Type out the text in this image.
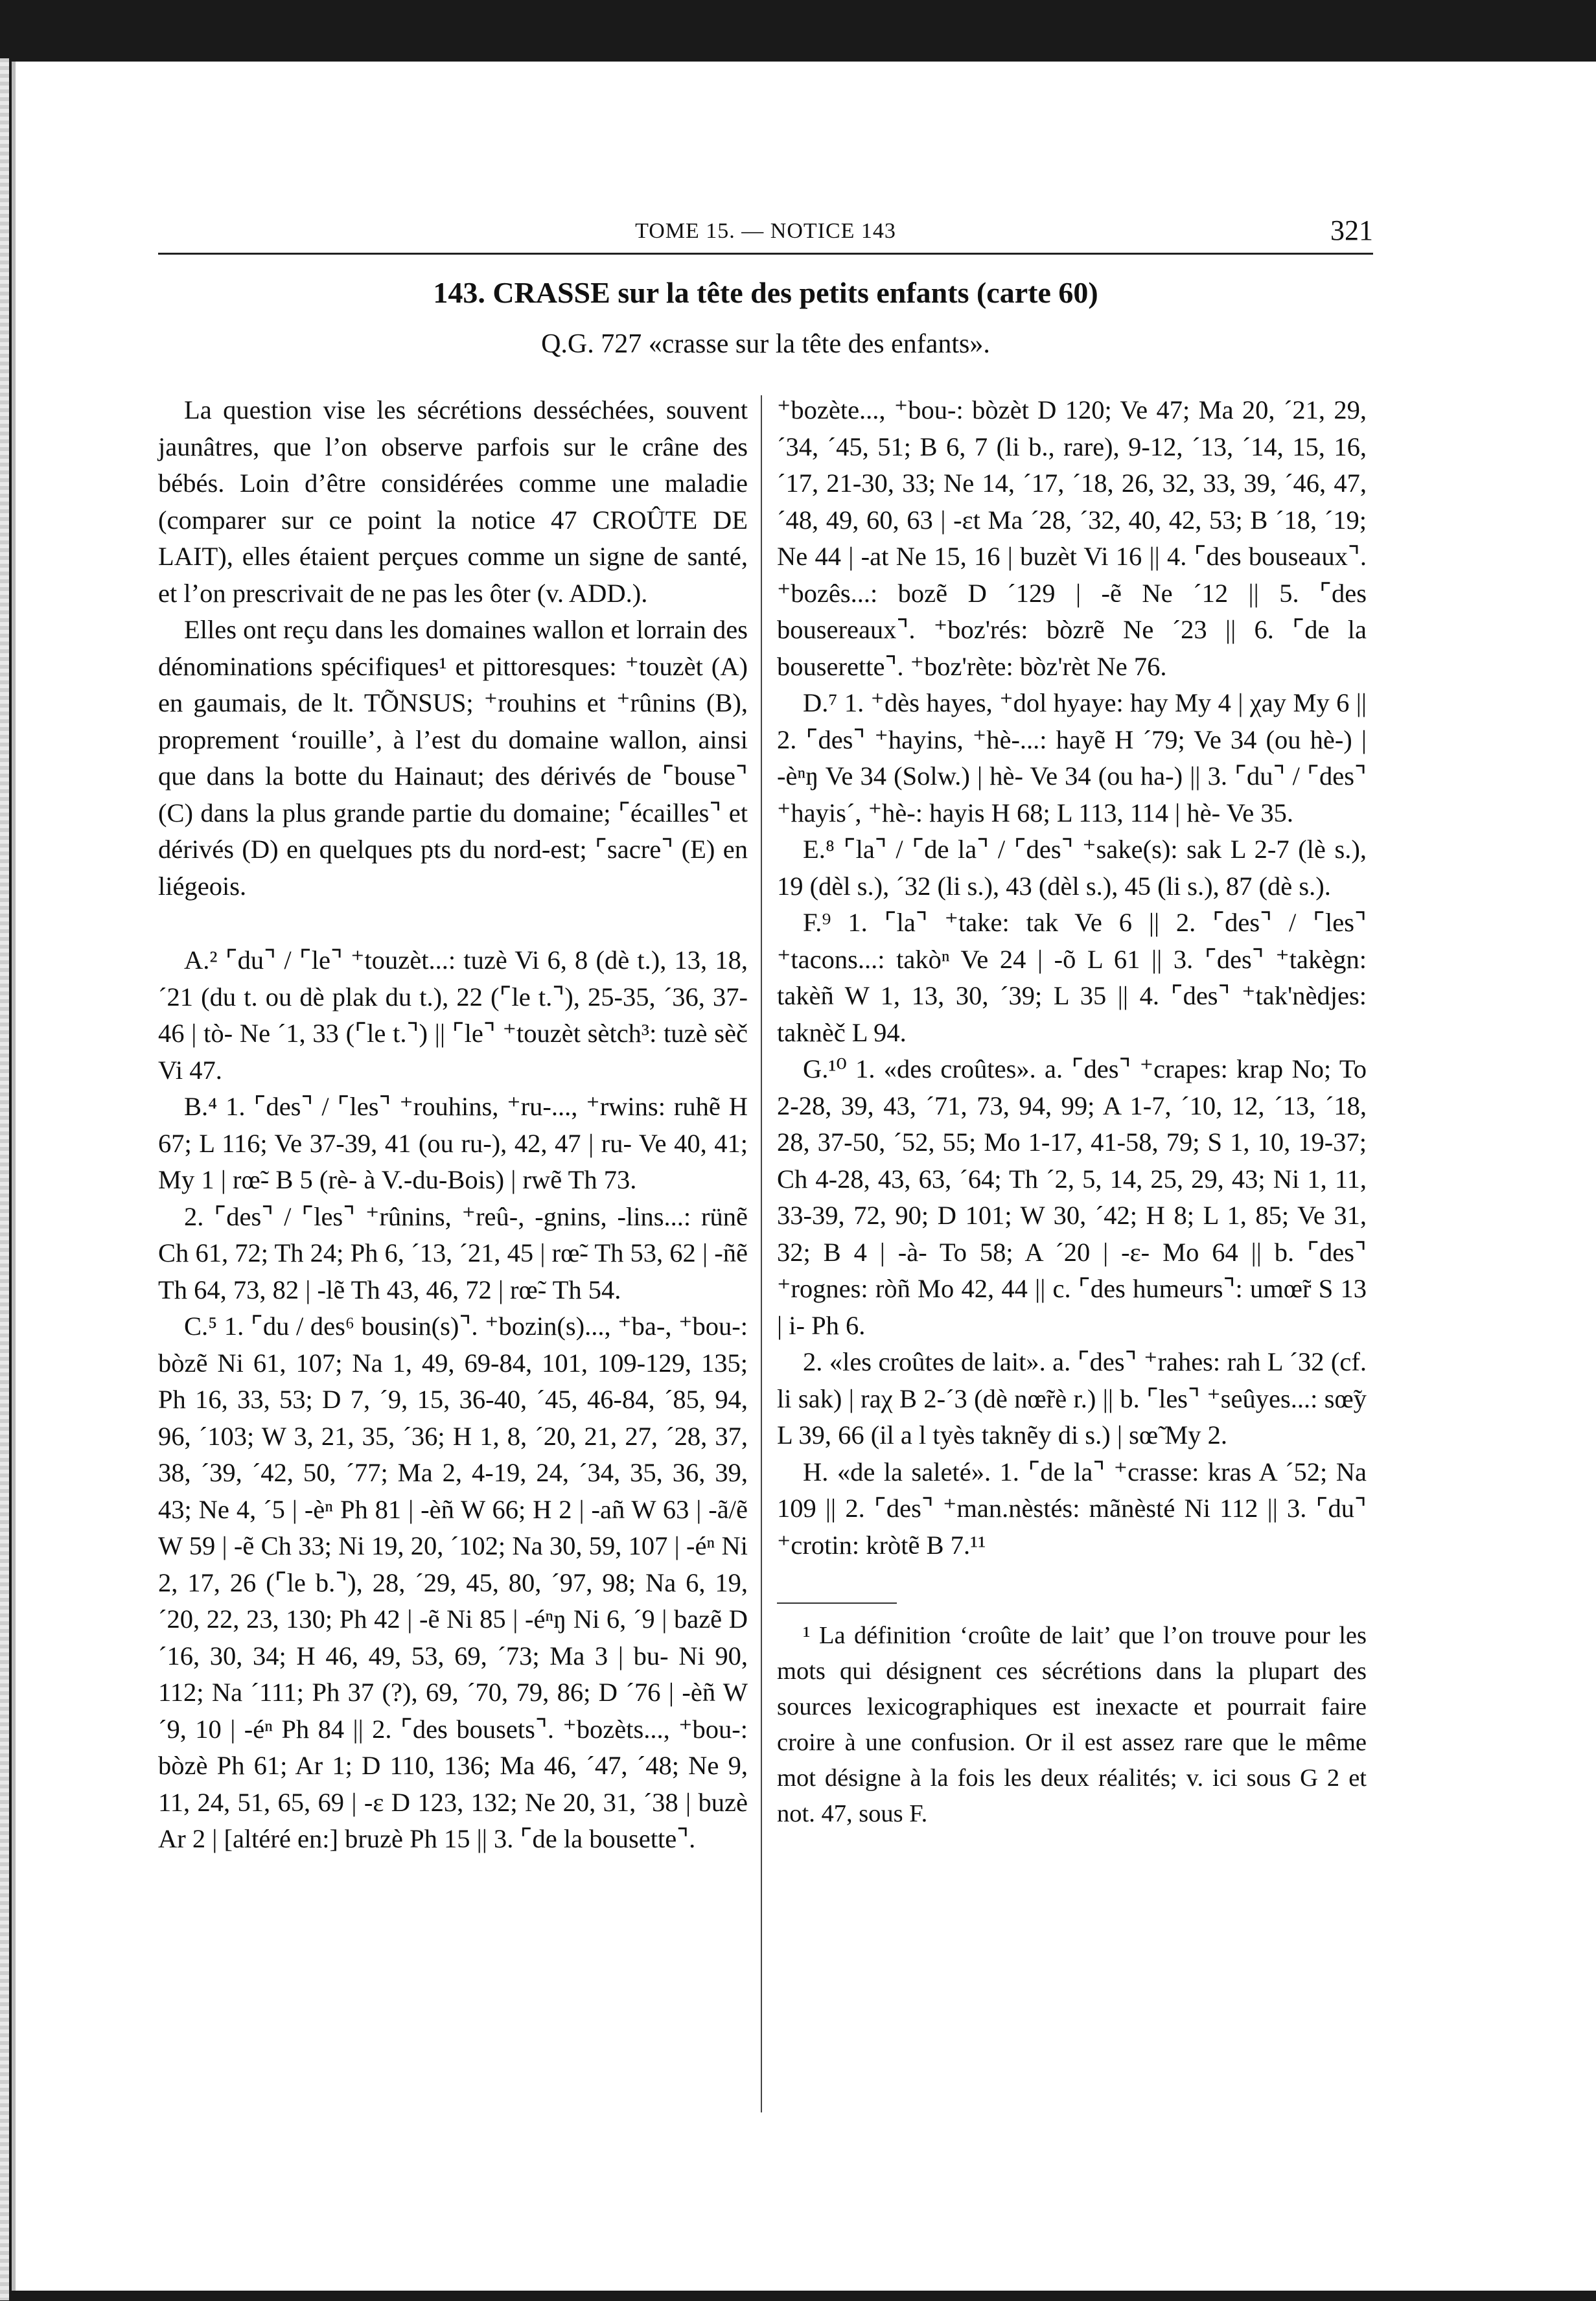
TOME 15. — NOTICE 143	321
143. CRASSE sur la tête des petits enfants (carte 60)
Q.G. 727 «crasse sur la tête des enfants».

La question vise les sécrétions desséchées, souvent jaunâtres, que l’on observe parfois sur le crâne des bébés. Loin d’être considérées comme une maladie (comparer sur ce point la notice 47 CROÛTE DE LAIT), elles étaient perçues comme un signe de santé, et l’on prescrivait de ne pas les ôter (v. ADD.).

Elles ont reçu dans les domaines wallon et lorrain des dénominations spécifiques¹ et pittoresques: ⁺touzèt (A) en gaumais, de lt. TÕNSUS; ⁺rouhins et ⁺rûnins (B), proprement ‘rouille’, à l’est du domaine wallon, ainsi que dans la botte du Hainaut; des dérivés de ⌜bouse⌝ (C) dans la plus grande partie du domaine; ⌜écailles⌝ et dérivés (D) en quelques pts du nord-est; ⌜sacre⌝ (E) en liégeois.

A.² ⌜du⌝ / ⌜le⌝ ⁺touzèt...: tuzè Vi 6, 8 (dè t.), 13, 18, ´21 (du t. ou dè plak du t.), 22 (⌜le t.⌝), 25-35, ´36, 37-46 | tò- Ne ´1, 33 (⌜le t.⌝) || ⌜le⌝ ⁺touzèt sètch³: tuzè sèč Vi 47.

B.⁴ 1. ⌜des⌝ / ⌜les⌝ ⁺rouhins, ⁺ru-..., ⁺rwins: ruhẽ H 67; L 116; Ve 37-39, 41 (ou ru-), 42, 47 | ru- Ve 40, 41; My 1 | rœ̃- B 5 (rè- à V.-du-Bois) | rwẽ Th 73.

2. ⌜des⌝ / ⌜les⌝ ⁺rûnins, ⁺reû-, -gnins, -lins...: rünẽ Ch 61, 72; Th 24; Ph 6, ´13, ´21, 45 | rœ̃- Th 53, 62 | -ñẽ Th 64, 73, 82 | -lẽ Th 43, 46, 72 | rœ̃- Th 54.

C.⁵ 1. ⌜du / des⁶ bousin(s)⌝. ⁺bozin(s)..., ⁺ba-, ⁺bou-: bòzẽ Ni 61, 107; Na 1, 49, 69-84, 101, 109-129, 135; Ph 16, 33, 53; D 7, ´9, 15, 36-40, ´45, 46-84, ´85, 94, 96, ´103; W 3, 21, 35, ´36; H 1, 8, ´20, 21, 27, ´28, 37, 38, ´39, ´42, 50, ´77; Ma 2, 4-19, 24, ´34, 35, 36, 39, 43; Ne 4, ´5 | -èⁿ Ph 81 | -èñ W 66; H 2 | -añ W 63 | -ã/ẽ W 59 | -ẽ Ch 33; Ni 19, 20, ´102; Na 30, 59, 107 | -éⁿ Ni 2, 17, 26 (⌜le b.⌝), 28, ´29, 45, 80, ´97, 98; Na 6, 19, ´20, 22, 23, 130; Ph 42 | -ẽ Ni 85 | -éⁿŋ Ni 6, ´9 | bazẽ D ´16, 30, 34; H 46, 49, 53, 69, ´73; Ma 3 | bu- Ni 90, 112; Na ´111; Ph 37 (?), 69, ´70, 79, 86; D ´76 | -èñ W ´9, 10 | -éⁿ Ph 84 || 2. ⌜des bousets⌝. ⁺bozèts..., ⁺bou-: bòzè Ph 61; Ar 1; D 110, 136; Ma 46, ´47, ´48; Ne 9, 11, 24, 51, 65, 69 | -ɛ D 123, 132; Ne 20, 31, ´38 | buzè Ar 2 | [altéré en:] bruzè Ph 15 || 3. ⌜de la bousette⌝.

⁺bozète..., ⁺bou-: bòzèt D 120; Ve 47; Ma 20, ´21, 29, ´34, ´45, 51; B 6, 7 (li b., rare), 9-12, ´13, ´14, 15, 16, ´17, 21-30, 33; Ne 14, ´17, ´18, 26, 32, 33, 39, ´46, 47, ´48, 49, 60, 63 | -ɛt Ma ´28, ´32, 40, 42, 53; B ´18, ´19; Ne 44 | -at Ne 15, 16 | buzèt Vi 16 || 4. ⌜des bouseaux⌝. ⁺bozês...: bozẽ D ´129 | -ẽ Ne ´12 || 5. ⌜des bousereaux⌝. ⁺boz'rés: bòzrẽ Ne ´23 || 6. ⌜de la bouserette⌝. ⁺boz'rète: bòz'rèt Ne 76.

D.⁷ 1. ⁺dès hayes, ⁺dol hyaye: hay My 4 | χay My 6 || 2. ⌜des⌝ ⁺hayins, ⁺hè-...: hayẽ H ´79; Ve 34 (ou hè-) | -èⁿŋ Ve 34 (Solw.) | hè- Ve 34 (ou ha-) || 3. ⌜du⌝ / ⌜des⌝ ⁺hayis´, ⁺hè-: hayis H 68; L 113, 114 | hè- Ve 35.

E.⁸ ⌜la⌝ / ⌜de la⌝ / ⌜des⌝ ⁺sake(s): sak L 2-7 (lè s.), 19 (dèl s.), ´32 (li s.), 43 (dèl s.), 45 (li s.), 87 (dè s.).

F.⁹ 1. ⌜la⌝ ⁺take: tak Ve 6 || 2. ⌜des⌝ / ⌜les⌝ ⁺tacons...: takòⁿ Ve 24 | -õ L 61 || 3. ⌜des⌝ ⁺takègn: takèñ W 1, 13, 30, ´39; L 35 || 4. ⌜des⌝ ⁺tak'nèdjes: taknèč L 94.

G.¹⁰ 1. «des croûtes». a. ⌜des⌝ ⁺crapes: krap No; To 2-28, 39, 43, ´71, 73, 94, 99; A 1-7, ´10, 12, ´13, ´18, 28, 37-50, ´52, 55; Mo 1-17, 41-58, 79; S 1, 10, 19-37; Ch 4-28, 43, 63, ´64; Th ´2, 5, 14, 25, 29, 43; Ni 1, 11, 33-39, 72, 90; D 101; W 30, ´42; H 8; L 1, 85; Ve 31, 32; B 4 | -à- To 58; A ´20 | -ɛ- Mo 64 || b. ⌜des⌝ ⁺rognes: ròñ Mo 42, 44 || c. ⌜des humeurs⌝: umœ̃r S 13 | i- Ph 6.

2. «les croûtes de lait». a. ⌜des⌝ ⁺rahes: rah L ´32 (cf. li sak) | raχ B 2-´3 (dè nœ̃rè r.) || b. ⌜les⌝ ⁺seûyes...: sœ̃y L 39, 66 (il a l tyès taknẽy di s.) | sœ̃ My 2.

H. «de la saleté». 1. ⌜de la⌝ ⁺crasse: kras A ´52; Na 109 || 2. ⌜des⌝ ⁺man.nèstés: mãnèsté Ni 112 || 3. ⌜du⌝ ⁺crotin: kròtẽ B 7.¹¹

¹ La définition ‘croûte de lait’ que l’on trouve pour les mots qui désignent ces sécrétions dans la plupart des sources lexicographiques est inexacte et pourrait faire croire à une confusion. Or il est assez rare que le même mot désigne à la fois les deux réalités; v. ici sous G 2 et not. 47, sous F.
